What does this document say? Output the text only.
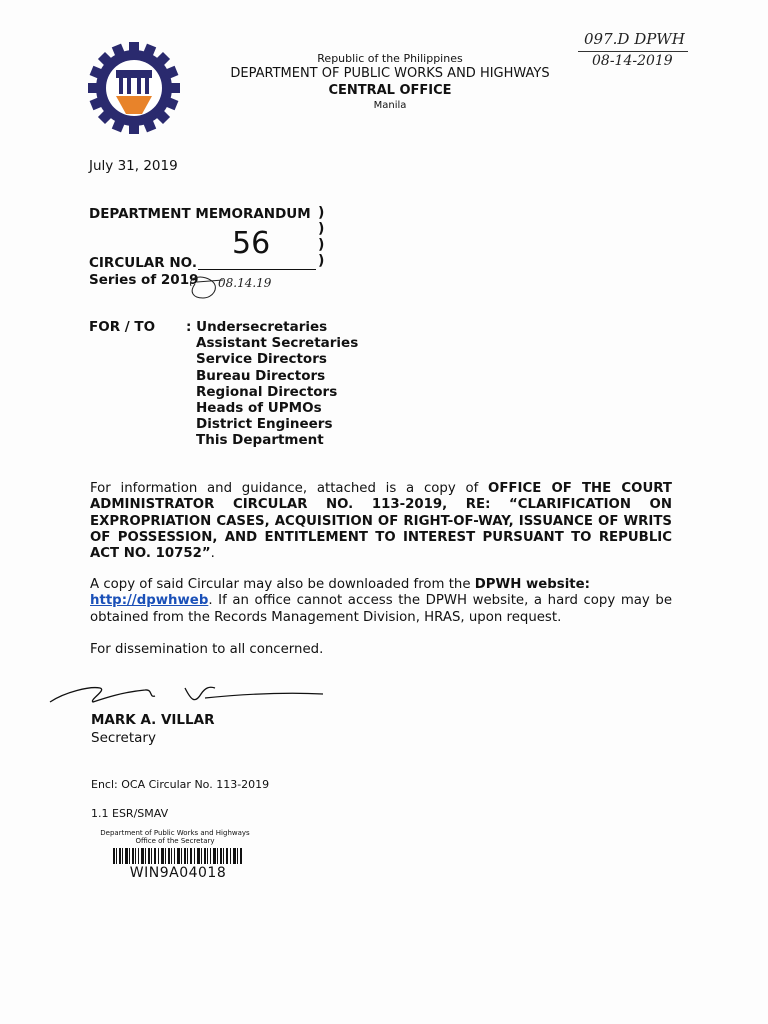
Republic of the Philippines
DEPARTMENT OF PUBLIC WORKS AND HIGHWAYS
CENTRAL OFFICE
Manila
097.D DPWH
08-14-2019
July 31, 2019
DEPARTMENT MEMORANDUM )
)
)
)
CIRCULAR NO.
56
Series of 2019 08.14.19
FOR / TO : Undersecretaries
Assistant Secretaries
Service Directors
Bureau Directors
Regional Directors
Heads of UPMOs
District Engineers
This Department
For information and guidance, attached is a copy of OFFICE OF THE COURT ADMINISTRATOR CIRCULAR NO. 113-2019, RE: “CLARIFICATION ON EXPROPRIATION CASES, ACQUISITION OF RIGHT-OF-WAY, ISSUANCE OF WRITS OF POSSESSION, AND ENTITLEMENT TO INTEREST PURSUANT TO REPUBLIC ACT NO. 10752”.
A copy of said Circular may also be downloaded from the DPWH website:
http://dpwhweb. If an office cannot access the DPWH website, a hard copy may be obtained from the Records Management Division, HRAS, upon request.
For dissemination to all concerned.
MARK A. VILLAR
Secretary
Encl: OCA Circular No. 113-2019
1.1 ESR/SMAV
Department of Public Works and Highways
Office of the Secretary
WIN9A04018
